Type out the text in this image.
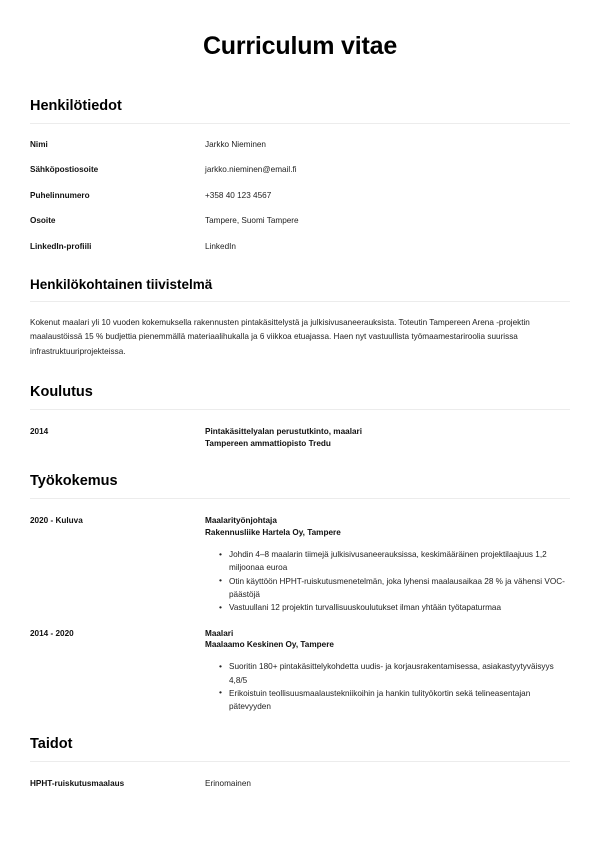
Curriculum vitae
Henkilötiedot
Nimi	Jarkko Nieminen
Sähköpostiosoite	jarkko.nieminen@email.fi
Puhelinnumero	+358 40 123 4567
Osoite	Tampere, Suomi Tampere
LinkedIn-profiili	LinkedIn
Henkilökohtainen tiivistelmä

Kokenut maalari yli 10 vuoden kokemuksella rakennusten pintakäsittelystä ja julkisivusaneerauksista. Toteutin Tampereen Arena -projektin maalaustöissä 15 % budjettia pienemmällä materiaalihukalla ja 6 viikkoa etuajassa. Haen nyt vastuullista työmaamestariroolia suurissa infrastruktuuriprojekteissa.

Koulutus
2014	Pintakäsittelyalan perustutkinto, maalari
Tampereen ammattiopisto Tredu
Työkokemus
2020 - Kuluva	Maalarityönjohtaja
Rakennusliike Hartela Oy, Tampere
• Johdin 4–8 maalarin tiimejä julkisivusaneerauksissa, keskimääräinen projektilaajuus 1,2 miljoonaa euroa
• Otin käyttöön HPHT-ruiskutusmenetelmän, joka lyhensi maalausaikaa 28 % ja vähensi VOC-päästöjä
• Vastuullani 12 projektin turvallisuuskoulutukset ilman yhtään työtapaturmaa
2014 - 2020	Maalari
Maalaamo Keskinen Oy, Tampere
• Suoritin 180+ pintakäsittelykohdetta uudis- ja korjausrakentamisessa, asiakastyytyväisyys 4,8/5
• Erikoistuin teollisuusmaalaustekniikoihin ja hankin tulityökortin sekä telineasentajan pätevyyden
Taidot
HPHT-ruiskutusmaalaus	Erinomainen
